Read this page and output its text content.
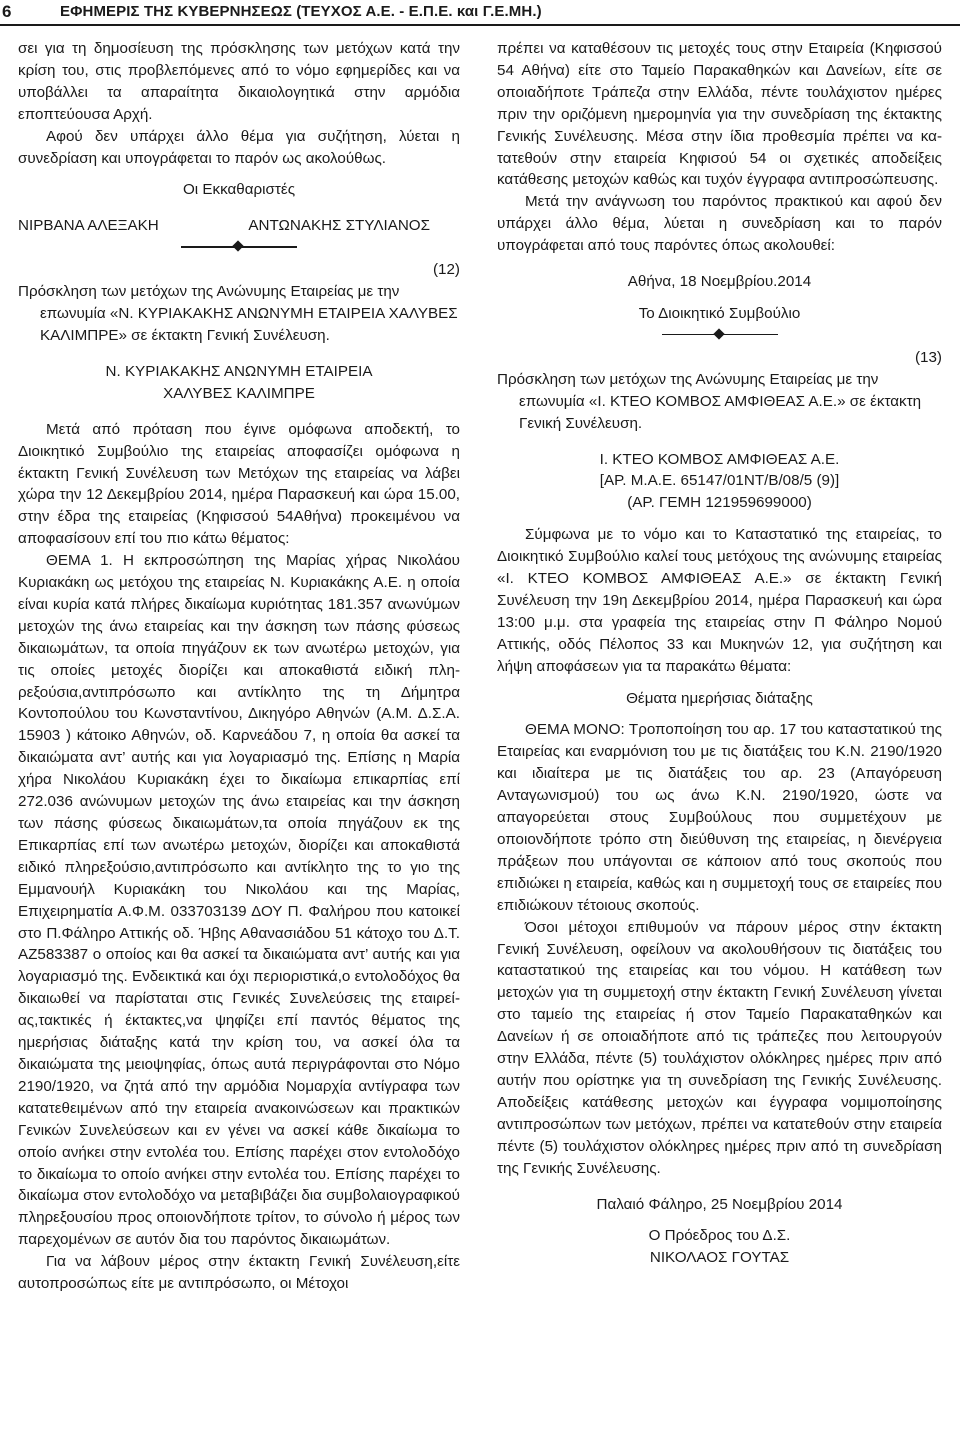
6	ΕΦΗΜΕΡΙΣ ΤΗΣ ΚΥΒΕΡΝΗΣΕΩΣ (ΤΕΥΧΟΣ Α.Ε. - Ε.Π.Ε. και Γ.Ε.ΜΗ.)

σει για τη δημοσίευση της πρόσκλησης των μετόχων κατά την κρίση του, στις προβλεπόμενες από το νόμο εφημερίδες και να υποβάλλει τα απαραίτητα δικαιολογητικά στην αρμόδια εποπτεύουσα Αρχή.

Αφού δεν υπάρχει άλλο θέμα για συζήτηση, λύεται η συνεδρίαση και υπογράφεται το παρόν ως ακολούθως.

Οι Εκκαθαριστές

ΝΙΡΒΑΝΑ ΑΛΕΞΑΚΗ	ΑΝΤΩΝΑΚΗΣ ΣΤΥΛΙΑΝΟΣ

(12)

Πρόσκληση των μετόχων της Ανώνυμης Εταιρείας με την επωνυμία «Ν. ΚΥΡΙΑΚΑΚΗΣ ΑΝΩΝΥΜΗ ΕΤΑΙΡΕΙΑ ΧΑΛΥΒΕΣ ΚΑΛΙΜΠΡΕ» σε έκτακτη Γενική Συνέλευση.

Ν. ΚΥΡΙΑΚΑΚΗΣ ΑΝΩΝΥΜΗ ΕΤΑΙΡΕΙΑ

ΧΑΛΥΒΕΣ ΚΑΛΙΜΠΡΕ

Μετά από πρόταση που έγινε ομόφωνα αποδεκτή, το Διοικητικό Συμβούλιο της εταιρείας αποφασίζει ομόφωνα η έκτακτη Γενική Συνέλευση των Μετόχων της εταιρείας να λάβει χώρα την 12 Δεκεμβρίου 2014, ημέρα Παρασκευή και ώρα 15.00, στην έδρα της εταιρείας (Κηφισσού 54Αθήνα) προκειμένου να αποφασίσουν επί του πιο κάτω θέματος:

ΘΕΜΑ 1. Η εκπροσώπηση της Μαρίας χήρας Νικολάου Κυριακάκη ως μετόχου της εταιρείας Ν. Κυριακάκης Α.Ε. η οποία είναι κυρία κατά πλήρες δικαίωμα κυριότητας 181.357 ανωνύμων μετοχών της άνω εταιρείας και την άσκηση των πάσης φύσεως δικαιωμάτων, τα οποία πηγάζουν εκ των ανωτέρω μετοχών, για τις οποίες μετοχές διορίζει και αποκαθιστά ειδική πληρεξούσια,αντιπρόσωπο και αντίκλητο της τη Δήμητρα Κοντοπούλου του Κωνσταντίνου, Δικηγόρο Αθηνών (Α.Μ. Δ.Σ.Α. 15903 ) κάτοικο Αθηνών, οδ. Καρνεάδου 7, η οποία θα ασκεί τα δικαιώματα αντ’ αυτής και για λογαριασμό της. Επίσης η Μαρία χήρα Νικολάου Κυριακάκη έχει το δικαίωμα επικαρπίας επί 272.036 ανώνυμων μετοχών της άνω εταιρείας και την άσκηση των πάσης φύσεως δικαιωμάτων,τα οποία πηγάζουν εκ της Επικαρπίας επί των ανωτέρω μετοχών, διορίζει και αποκαθιστά ειδικό πληρεξούσιο,αντιπρόσωπο και αντίκλητο της το γιο της Εμμανουήλ Κυριακάκη του Νικολάου και της Μαρίας, Επιχειρηματία Α.Φ.Μ. 033703139 ΔΟΥ Π. Φαλήρου που κατοικεί στο Π.Φάληρο Αττικής οδ. Ήβης Αθανασιάδου 51 κάτοχο του Δ.Τ. ΑΖ583387 ο οποίος και θα ασκεί τα δικαιώματα αντ’ αυτής και για λογαριασμό της. Ενδεικτικά και όχι περιοριστικά,ο εντολοδόχος θα δικαιωθεί να παρίσταται στις Γενικές Συνελεύσεις της εταιρείας,τακτικές ή έκτακτες,να ψηφίζει επί παντός θέματος της ημερήσιας διάταξης κατά την κρίση του, να ασκεί όλα τα δικαιώματα της μειοψηφίας, όπως αυτά περιγράφονται στο Νόμο 2190/1920, να ζητά από την αρμόδια Νομαρχία αντίγραφα των κατατεθειμένων από την εταιρεία ανακοινώσεων και πρακτικών Γενικών Συνελεύσεων και εν γένει να ασκεί κάθε δικαίωμα το οποίο ανήκει στην εντολέα του. Επίσης παρέχει στον εντολοδόχο το δικαίωμα το οποίο ανήκει στην εντολέα του. Επίσης παρέχει το δικαίωμα στον εντολοδόχο να μεταβιβάζει δια συμβολαιογραφικού πληρεξουσίου προς οποιονδήποτε τρίτον, το σύνολο ή μέρος των παρεχομένων σε αυτόν δια του παρόντος δικαιωμάτων.

Για να λάβουν μέρος στην έκτακτη Γενική Συνέλευση,είτε αυτοπροσώπως είτε με αντιπρόσωπο, οι Μέτοχοι

πρέπει να καταθέσουν τις μετοχές τους στην Εταιρεία (Κηφισσού 54 Αθήνα) είτε στο Ταμείο Παρακαθηκών και Δανείων, είτε σε οποιαδήποτε Τράπεζα στην Ελλάδα, πέντε τουλάχιστον ημέρες πριν την οριζόμενη ημερομηνία για την συνεδρίαση της έκτακτης Γενικής Συνέλευσης. Μέσα στην ίδια προθεσμία πρέπει να κατατεθούν στην εταιρεία Κηφισού 54 οι σχετικές αποδείξεις κατάθεσης μετοχών καθώς και τυχόν έγγραφα αντιπροσώπευσης.

Μετά την ανάγνωση του παρόντος πρακτικού και αφού δεν υπάρχει άλλο θέμα, λύεται η συνεδρίαση και το παρόν υπογράφεται από τους παρόντες όπως ακολουθεί:

Αθήνα, 18 Νοεμβρίου.2014

Το Διοικητικό Συμβούλιο

(13)

Πρόσκληση των μετόχων της Ανώνυμης Εταιρείας με την επωνυμία «Ι. ΚΤΕΟ ΚΟΜΒΟΣ ΑΜΦΙΘΕΑΣ Α.Ε.» σε έκτακτη Γενική Συνέλευση.

Ι. ΚΤΕΟ ΚΟΜΒΟΣ ΑΜΦΙΘΕΑΣ Α.Ε.

[ΑΡ. Μ.Α.Ε. 65147/01ΝΤ/Β/08/5 (9)]

(ΑΡ. ΓΕΜΗ 121959699000)

Σύμφωνα με το νόμο και το Καταστατικό της εταιρείας, το Διοικητικό Συμβούλιο καλεί τους μετόχους της ανώνυμης εταιρείας «Ι. ΚΤΕΟ ΚΟΜΒΟΣ ΑΜΦΙΘΕΑΣ Α.Ε.» σε έκτακτη Γενική Συνέλευση την 19η Δεκεμβρίου 2014, ημέρα Παρασκευή και ώρα 13:00 μ.μ. στα γραφεία της εταιρείας στην Π Φάληρο Νομού Αττικής, οδός Πέλοπος 33 και Μυκηνών 12, για συζήτηση και λήψη αποφάσεων για τα παρακάτω θέματα:

Θέματα ημερήσιας διάταξης

ΘΕΜΑ ΜΟΝΟ: Τροποποίηση του αρ. 17 του καταστατικού της Εταιρείας και εναρμόνιση του με τις διατάξεις του Κ.Ν. 2190/1920 και ιδιαίτερα με τις διατάξεις του αρ. 23 (Απαγόρευση Ανταγωνισμού) του ως άνω Κ.Ν. 2190/1920, ώστε να απαγορεύεται στους Συμβούλους που συμμετέχουν με οποιονδήποτε τρόπο στη διεύθυνση της εταιρείας, η διενέργεια πράξεων που υπάγονται σε κάποιον από τους σκοπούς που επιδιώκει η εταιρεία, καθώς και η συμμετοχή τους σε εταιρείες που επιδιώκουν τέτοιους σκοπούς.

Όσοι μέτοχοι επιθυμούν να πάρουν μέρος στην έκτακτη Γενική Συνέλευση, οφείλουν να ακολουθήσουν τις διατάξεις του καταστατικού της εταιρείας και του νόμου. Η κατάθεση των μετοχών για τη συμμετοχή στην έκτακτη Γενική Συνέλευση γίνεται στο ταμείο της εταιρείας ή στον Ταμείο Παρακαταθηκών και Δανείων ή σε οποιαδήποτε από τις τράπεζες που λειτουργούν στην Ελλάδα, πέντε (5) τουλάχιστον ολόκληρες ημέρες πριν από αυτήν που ορίστηκε για τη συνεδρίαση της Γενικής Συνέλευσης. Αποδείξεις κατάθεσης μετοχών και έγγραφα νομιμοποίησης αντιπροσώπων των μετόχων, πρέπει να κατατεθούν στην εταιρεία πέντε (5) τουλάχιστον ολόκληρες ημέρες πριν από τη συνεδρίαση της Γενικής Συνέλευσης.

Παλαιό Φάληρο, 25 Νοεμβρίου 2014

Ο Πρόεδρος του Δ.Σ.

ΝΙΚΟΛΑΟΣ ΓΟΥΤΑΣ
